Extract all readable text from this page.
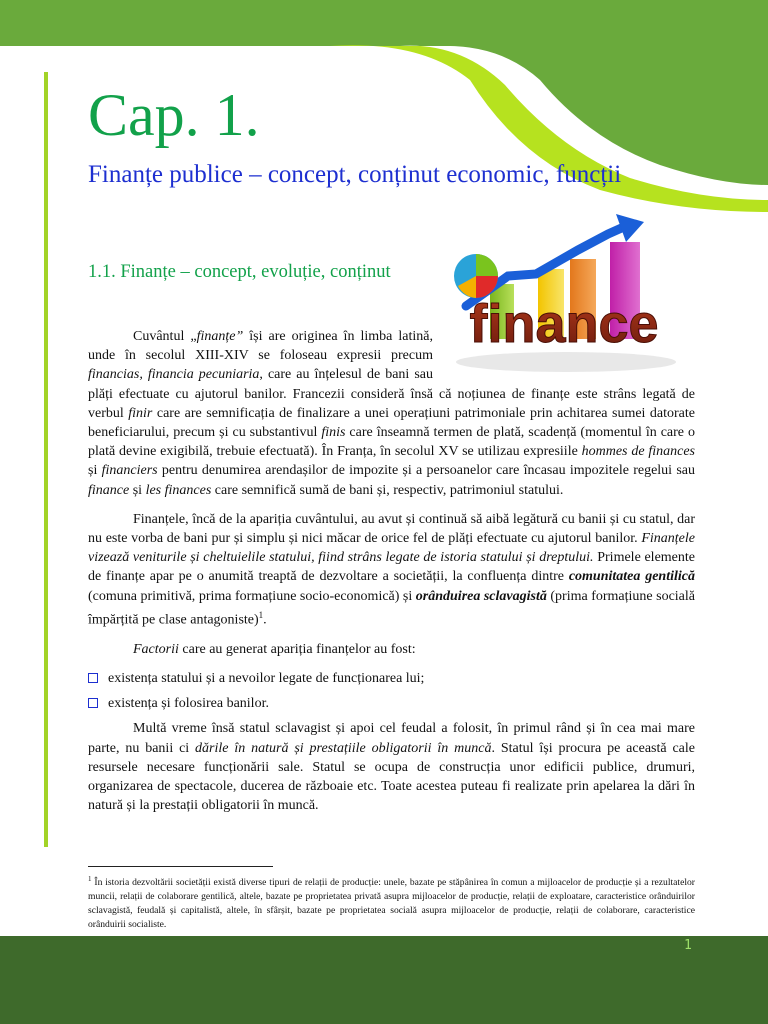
Cap. 1.
Finanțe publice – concept, conținut economic, funcții
1.1. Finanțe – concept, evoluție, conținut
finance

Cuvântul „finanțe” își are originea în limba latină, unde în secolul XIII-XIV se foloseau expresii precum financias, financia pecuniaria, care au înțelesul de bani sau plăți efectuate cu ajutorul banilor. Francezii consideră însă că noțiunea de finanțe este strâns legată de verbul finir care are semnificația de finalizare a unei operațiuni patrimoniale prin achitarea sumei datorate beneficiarului, precum și cu substantivul finis care înseamnă termen de plată, scadență (momentul în care o plată devine exigibilă, trebuie efectuată). În Franța, în secolul XV se utilizau expresiile hommes de finances și financiers pentru denumirea arendașilor de impozite și a persoanelor care încasau impozitele regelui sau finance și les finances care semnifică sumă de bani și, respectiv, patrimoniul statului.

Finanțele, încă de la apariția cuvântului, au avut și continuă să aibă legătură cu banii și cu statul, dar nu este vorba de bani pur și simplu și nici măcar de orice fel de plăți efectuate cu ajutorul banilor. Finanțele vizează veniturile și cheltuielile statului, fiind strâns legate de istoria statului și dreptului. Primele elemente de finanțe apar pe o anumită treaptă de dezvoltare a societății, la confluența dintre comunitatea gentilică (comuna primitivă, prima formațiune socio-economică) și orânduirea sclavagistă (prima formațiune socială împărțită pe clase antagoniste)$^1$.

Factorii care au generat apariția finanțelor au fost:

existența statului și a nevoilor legate de funcționarea lui;
existența și folosirea banilor.

Multă vreme însă statul sclavagist și apoi cel feudal a folosit, în primul rând și în cea mai mare parte, nu banii ci dările în natură și prestațiile obligatorii în muncă. Statul își procura pe această cale resursele necesare funcționării sale. Statul se ocupa de construcția unor edificii publice, drumuri, organizarea de spectacole, ducerea de războaie etc. Toate acestea puteau fi realizate prin apelarea la dări în natură și la prestații obligatorii în muncă.

$^1$ În istoria dezvoltării societății există diverse tipuri de relații de producție: unele, bazate pe stăpânirea în comun a mijloacelor de producție și a rezultatelor muncii, relații de colaborare gentilică, altele, bazate pe proprietatea privată asupra mijloacelor de producție, relații de exploatare, caracteristice orânduirilor sclavagistă, feudală și capitalistă, altele, în sfârșit, bazate pe proprietatea socială asupra mijloacelor de producție, relații de colaborare, caracteristice orânduirii socialiste.
1
